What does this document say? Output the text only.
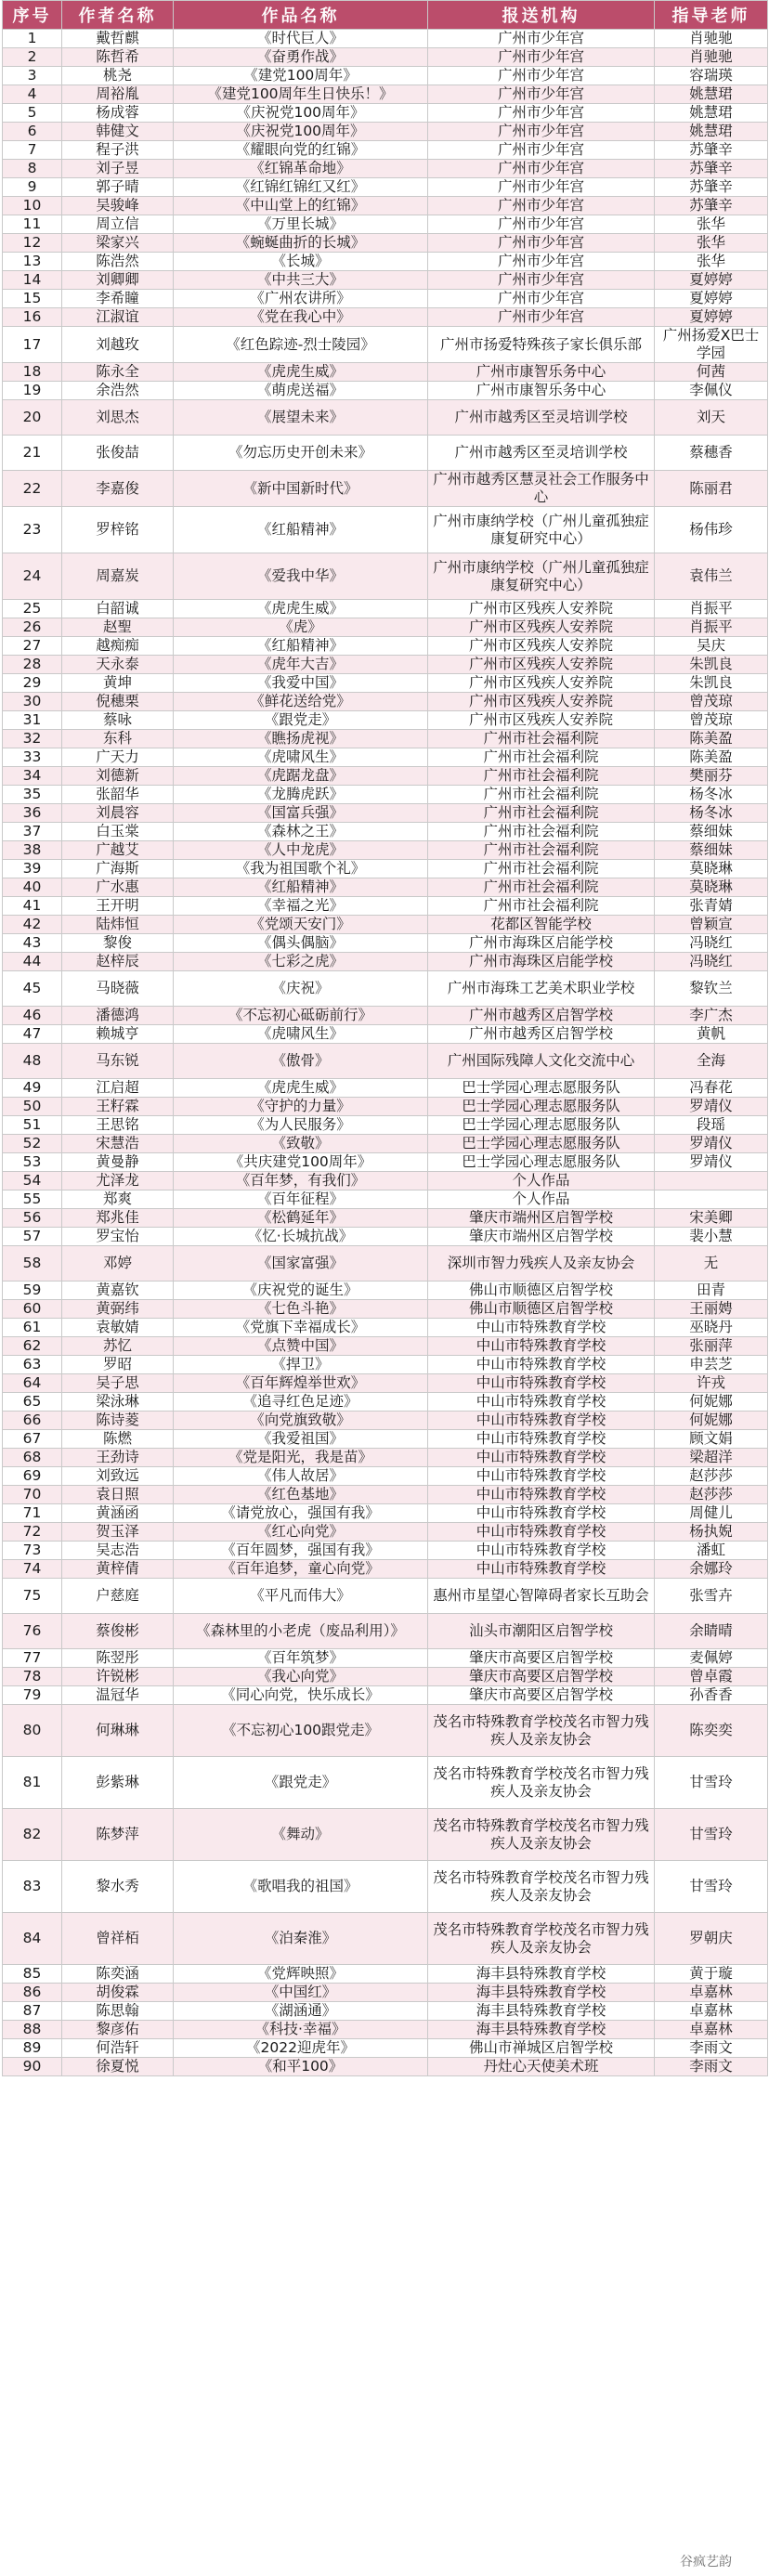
序号	作者名称	作品名称	报送机构	指导老师
1	戴哲麒	《时代巨人》	广州市少年宫	肖驰驰
2	陈哲希	《奋勇作战》	广州市少年宫	肖驰驰
3	桃尧	《建党100周年》	广州市少年宫	容瑞瑛
4	周裕胤	《建党100周年生日快乐！》	广州市少年宫	姚慧珺
5	杨成蓉	《庆祝党100周年》	广州市少年宫	姚慧珺
6	韩健文	《庆祝党100周年》	广州市少年宫	姚慧珺
7	程子洪	《耀眼向党的红锦》	广州市少年宫	苏肇辛
8	刘子昱	《红锦革命地》	广州市少年宫	苏肇辛
9	郭子晴	《红锦红锦红又红》	广州市少年宫	苏肇辛
10	吴骏峰	《中山堂上的红锦》	广州市少年宫	苏肇辛
11	周立信	《万里长城》	广州市少年宫	张华
12	梁家兴	《蜿蜒曲折的长城》	广州市少年宫	张华
13	陈浩然	《长城》	广州市少年宫	张华
14	刘卿卿	《中共三大》	广州市少年宫	夏婷婷
15	李希瞳	《广州农讲所》	广州市少年宫	夏婷婷
16	江淑谊	《党在我心中》	广州市少年宫	夏婷婷
17	刘越玫	《红色踪迹-烈士陵园》	广州市扬爱特殊孩子家长俱乐部	广州扬爱X巴士学园
18	陈永全	《虎虎生威》	广州市康智乐务中心	何茜
19	余浩然	《萌虎送福》	广州市康智乐务中心	李佩仪
20	刘思杰	《展望未来》	广州市越秀区至灵培训学校	刘天
21	张俊喆	《勿忘历史开创未来》	广州市越秀区至灵培训学校	蔡穗香
22	李嘉俊	《新中国新时代》	广州市越秀区慧灵社会工作服务中心	陈丽君
23	罗梓铭	《红船精神》	广州市康纳学校（广州儿童孤独症康复研究中心）	杨伟珍
24	周嘉炭	《爱我中华》	广州市康纳学校（广州儿童孤独症康复研究中心）	袁伟兰
25	白韶诚	《虎虎生威》	广州市区残疾人安养院	肖振平
26	赵聖	《虎》	广州市区残疾人安养院	肖振平
27	越痴痴	《红船精神》	广州市区残疾人安养院	吴庆
28	天永泰	《虎年大吉》	广州市区残疾人安养院	朱凯良
29	黄坤	《我爱中国》	广州市区残疾人安养院	朱凯良
30	倪穗栗	《鲜花送给党》	广州市区残疾人安养院	曾茂琼
31	蔡咏	《跟党走》	广州市区残疾人安养院	曾茂琼
32	东科	《瞧扬虎视》	广州市社会福利院	陈美盈
33	广天力	《虎啸风生》	广州市社会福利院	陈美盈
34	刘德新	《虎踞龙盘》	广州市社会福利院	樊丽芬
35	张韶华	《龙腾虎跃》	广州市社会福利院	杨冬冰
36	刘晨容	《国富兵强》	广州市社会福利院	杨冬冰
37	白玉棠	《森林之王》	广州市社会福利院	蔡细妹
38	广越艾	《人中龙虎》	广州市社会福利院	蔡细妹
39	广海斯	《我为祖国歌个礼》	广州市社会福利院	莫晓琳
40	广水惠	《红船精神》	广州市社会福利院	莫晓琳
41	王开明	《幸福之光》	广州市社会福利院	张青婧
42	陆炜恒	《党颂天安门》	花都区智能学校	曾颖宣
43	黎俊	《偶头偶脑》	广州市海珠区启能学校	冯晓红
44	赵梓辰	《七彩之虎》	广州市海珠区启能学校	冯晓红
45	马晓薇	《庆祝》	广州市海珠工艺美术职业学校	黎钦兰
46	潘德鸿	《不忘初心砥砺前行》	广州市越秀区启智学校	李广杰
47	赖城亨	《虎啸风生》	广州市越秀区启智学校	黄帆
48	马东锐	《傲骨》	广州国际残障人文化交流中心	全海
49	江启超	《虎虎生威》	巴士学园心理志愿服务队	冯春花
50	王籽霖	《守护的力量》	巴士学园心理志愿服务队	罗靖仪
51	王思铭	《为人民服务》	巴士学园心理志愿服务队	段瑶
52	宋慧浩	《致敬》	巴士学园心理志愿服务队	罗靖仪
53	黄曼静	《共庆建党100周年》	巴士学园心理志愿服务队	罗靖仪
54	尤泽龙	《百年梦，有我们》	个人作品	
55	郑爽	《百年征程》	个人作品	
56	郑兆佳	《松鹤延年》	肇庆市端州区启智学校	宋美卿
57	罗宝怡	《忆·长城抗战》	肇庆市端州区启智学校	裴小慧
58	邓婷	《国家富强》	深圳市智力残疾人及亲友协会	无
59	黄嘉钦	《庆祝党的诞生》	佛山市顺德区启智学校	田青
60	黄弼纬	《七色斗艳》	佛山市顺德区启智学校	王丽娉
61	袁敏婧	《党旗下幸福成长》	中山市特殊教育学校	巫晓丹
62	苏忆	《点赞中国》	中山市特殊教育学校	张丽萍
63	罗昭	《捍卫》	中山市特殊教育学校	申芸芝
64	吴子思	《百年辉煌举世欢》	中山市特殊教育学校	许戎
65	梁泳琳	《追寻红色足迹》	中山市特殊教育学校	何妮娜
66	陈诗菱	《向党旗致敬》	中山市特殊教育学校	何妮娜
67	陈燃	《我爱祖国》	中山市特殊教育学校	顾文娟
68	王劲诗	《党是阳光，我是苗》	中山市特殊教育学校	梁超洋
69	刘致远	《伟人故居》	中山市特殊教育学校	赵莎莎
70	袁日照	《红色基地》	中山市特殊教育学校	赵莎莎
71	黄涵函	《请党放心，强国有我》	中山市特殊教育学校	周健儿
72	贺玉泽	《红心向党》	中山市特殊教育学校	杨执婗
73	吴志浩	《百年圆梦，强国有我》	中山市特殊教育学校	潘虹
74	黄梓倩	《百年追梦，童心向党》	中山市特殊教育学校	余娜玲
75	户慈庭	《平凡而伟大》	惠州市星望心智障碍者家长互助会	张雪卉
76	蔡俊彬	《森林里的小老虎（废品利用）》	汕头市潮阳区启智学校	余睛晴
77	陈翌彤	《百年筑梦》	肇庆市高要区启智学校	麦佩婷
78	许锐彬	《我心向党》	肇庆市高要区启智学校	曾卓霞
79	温冠华	《同心向党，快乐成长》	肇庆市高要区启智学校	孙香香
80	何琳琳	《不忘初心100跟党走》	茂名市特殊教育学校茂名市智力残疾人及亲友协会	陈奕奕
81	彭紫琳	《跟党走》	茂名市特殊教育学校茂名市智力残疾人及亲友协会	甘雪玲
82	陈梦萍	《舞动》	茂名市特殊教育学校茂名市智力残疾人及亲友协会	甘雪玲
83	黎水秀	《歌唱我的祖国》	茂名市特殊教育学校茂名市智力残疾人及亲友协会	甘雪玲
84	曾祥栢	《泊秦淮》	茂名市特殊教育学校茂名市智力残疾人及亲友协会	罗朝庆
85	陈奕涵	《党辉映照》	海丰县特殊教育学校	黄于璇
86	胡俊霖	《中国红》	海丰县特殊教育学校	卓嘉林
87	陈思翰	《湖涵通》	海丰县特殊教育学校	卓嘉林
88	黎彦佑	《科技·幸福》	海丰县特殊教育学校	卓嘉林
89	何浩轩	《2022迎虎年》	佛山市禅城区启智学校	李雨文
90	徐夏悦	《和平100》	丹灶心天使美术班	李雨文
谷疯艺韵
